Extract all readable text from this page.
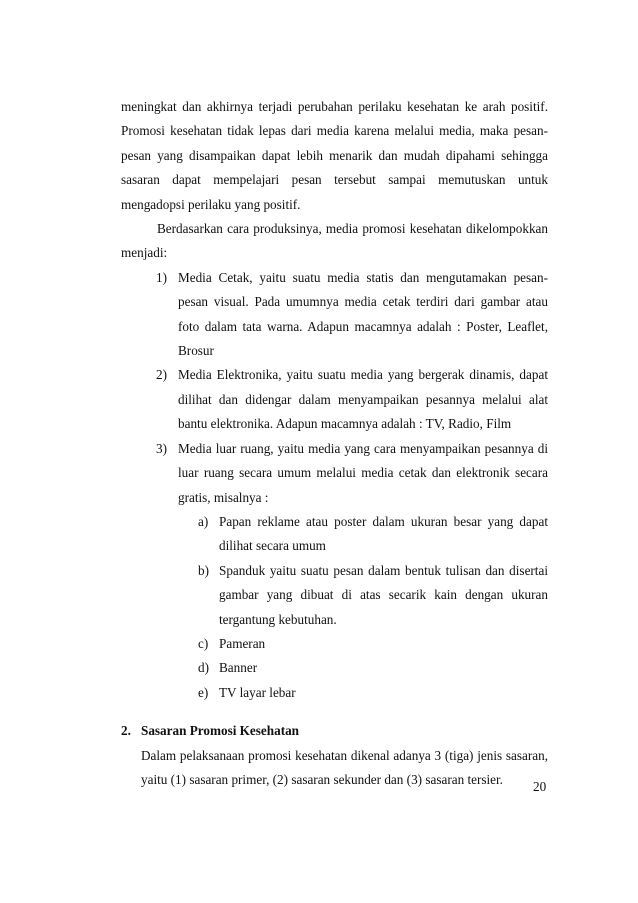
meningkat dan akhirnya terjadi perubahan perilaku kesehatan ke arah positif. Promosi kesehatan tidak lepas dari media karena melalui media, maka pesan-pesan yang disampaikan dapat lebih menarik dan mudah dipahami sehingga sasaran dapat mempelajari pesan tersebut sampai memutuskan untuk mengadopsi perilaku yang positif.

Berdasarkan cara produksinya, media promosi kesehatan dikelompokkan menjadi:

1) Media Cetak, yaitu suatu media statis dan mengutamakan pesan-pesan visual. Pada umumnya media cetak terdiri dari gambar atau foto dalam tata warna. Adapun macamnya adalah : Poster, Leaflet, Brosur
2) Media Elektronika, yaitu suatu media yang bergerak dinamis, dapat dilihat dan didengar dalam menyampaikan pesannya melalui alat bantu elektronika. Adapun macamnya adalah : TV, Radio, Film
3) Media luar ruang, yaitu media yang cara menyampaikan pesannya di luar ruang secara umum melalui media cetak dan elektronik secara gratis, misalnya :
a) Papan reklame atau poster dalam ukuran besar yang dapat dilihat secara umum
b) Spanduk yaitu suatu pesan dalam bentuk tulisan dan disertai gambar yang dibuat di atas secarik kain dengan ukuran tergantung kebutuhan.
c) Pameran
d) Banner
e) TV layar lebar
2. Sasaran Promosi Kesehatan

Dalam pelaksanaan promosi kesehatan dikenal adanya 3 (tiga) jenis sasaran, yaitu (1) sasaran primer, (2) sasaran sekunder dan (3) sasaran tersier.	20
